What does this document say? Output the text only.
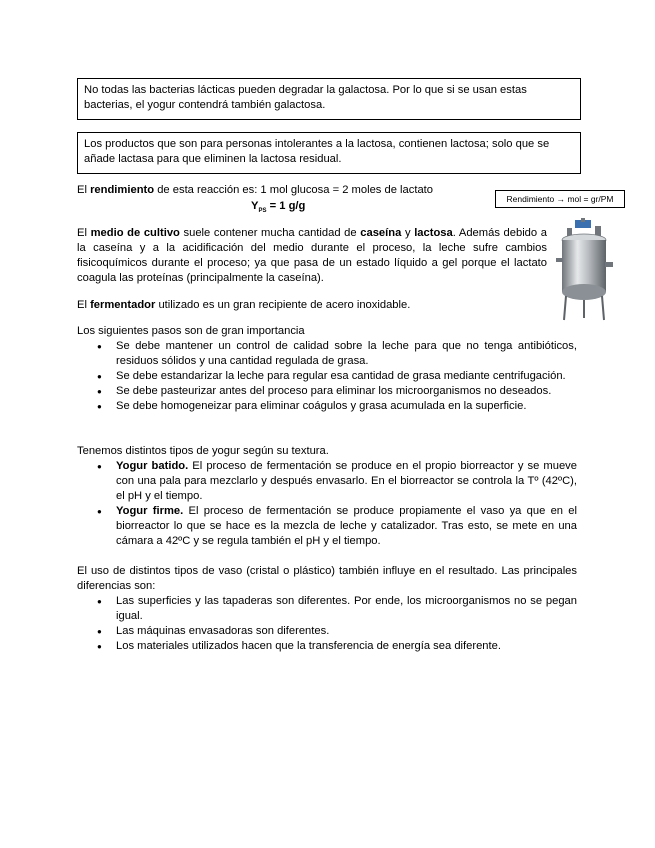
No todas las bacterias lácticas pueden degradar la galactosa. Por lo que si se usan estas bacterias, el yogur contendrá también galactosa.

Los productos que son para personas intolerantes a la lactosa, contienen lactosa; solo que se añade lactasa para que eliminen la lactosa residual.

El rendimiento de esta reacción es: 1 mol glucosa = 2 moles de lactato

Rendimiento → mol = gr/PM
$Y_{PS} = 1$ g/g

El medio de cultivo suele contener mucha cantidad de caseína y lactosa. Además debido a la caseína y a la acidificación del medio durante el proceso, la leche sufre cambios fisicoquímicos durante el proceso; ya que pasa de un estado líquido a gel porque el lactato coagula las proteínas (principalmente la caseína).

El fermentador utilizado es un gran recipiente de acero inoxidable.

Los siguientes pasos son de gran importancia

● Se debe mantener un control de calidad sobre la leche para que no tenga antibióticos, residuos sólidos y una cantidad regulada de grasa.
● Se debe estandarizar la leche para regular esa cantidad de grasa mediante centrifugación.
● Se debe pasteurizar antes del proceso para eliminar los microorganismos no deseados.
● Se debe homogeneizar para eliminar coágulos y grasa acumulada en la superficie.

Tenemos distintos tipos de yogur según su textura.

● Yogur batido. El proceso de fermentación se produce en el propio biorreactor y se mueve con una pala para mezclarlo y después envasarlo. En el biorreactor se controla la Tº (42ºC), el pH y el tiempo.
● Yogur firme. El proceso de fermentación se produce propiamente el vaso ya que en el biorreactor lo que se hace es la mezcla de leche y catalizador. Tras esto, se mete en una cámara a 42ºC y se regula también el pH y el tiempo.

El uso de distintos tipos de vaso (cristal o plástico) también influye en el resultado. Las principales diferencias son:

● Las superficies y las tapaderas son diferentes. Por ende, los microorganismos no se pegan igual.
● Las máquinas envasadoras son diferentes.
● Los materiales utilizados hacen que la transferencia de energía sea diferente.
